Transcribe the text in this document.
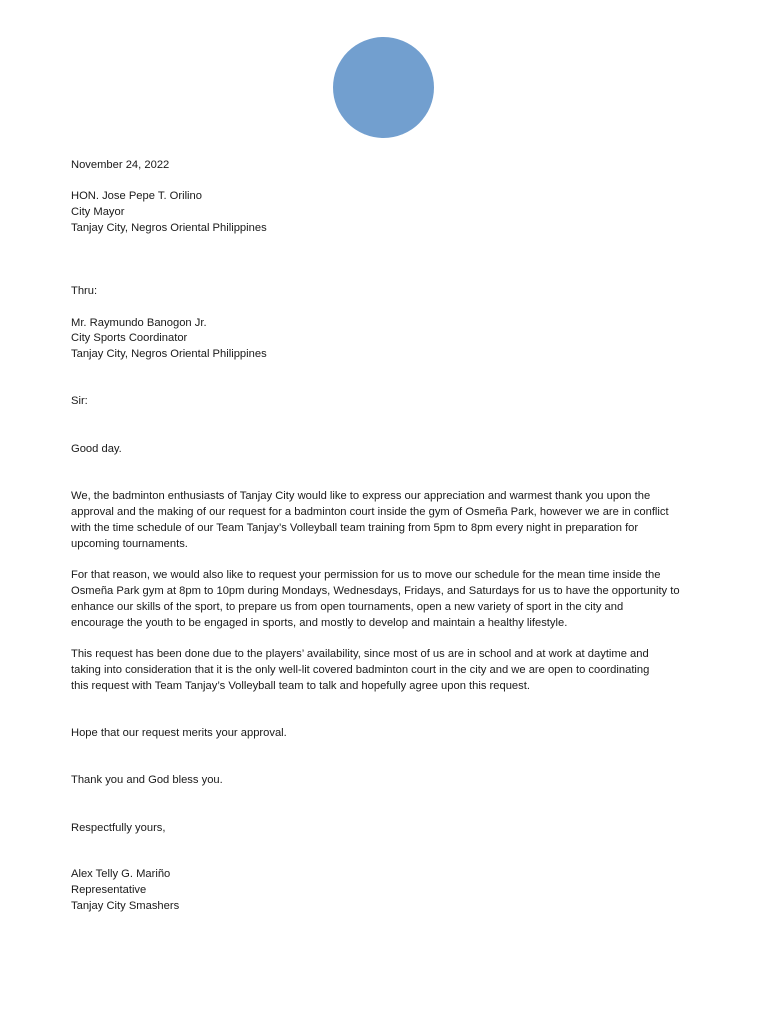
November 24, 2022
HON. Jose Pepe T. Orilino
City Mayor
Tanjay City, Negros Oriental Philippines
Thru:
Mr. Raymundo Banogon Jr.
City Sports Coordinator
Tanjay City, Negros Oriental Philippines
Sir:
Good day.
We, the badminton enthusiasts of Tanjay City would like to express our appreciation and warmest thank you upon the
approval and the making of our request for a badminton court inside the gym of Osmeña Park, however we are in conflict
with the time schedule of our Team Tanjay’s Volleyball team training from 5pm to 8pm every night in preparation for
upcoming tournaments.
For that reason, we would also like to request your permission for us to move our schedule for the mean time inside the
Osmeña Park gym at 8pm to 10pm during Mondays, Wednesdays, Fridays, and Saturdays for us to have the opportunity to
enhance our skills of the sport, to prepare us from open tournaments, open a new variety of sport in the city and
encourage the youth to be engaged in sports, and mostly to develop and maintain a healthy lifestyle.
This request has been done due to the players’ availability, since most of us are in school and at work at daytime and
taking into consideration that it is the only well-lit covered badminton court in the city and we are open to coordinating
this request with Team Tanjay’s Volleyball team to talk and hopefully agree upon this request.
Hope that our request merits your approval.
Thank you and God bless you.
Respectfully yours,
Alex Telly G. Mariño
Representative
Tanjay City Smashers
